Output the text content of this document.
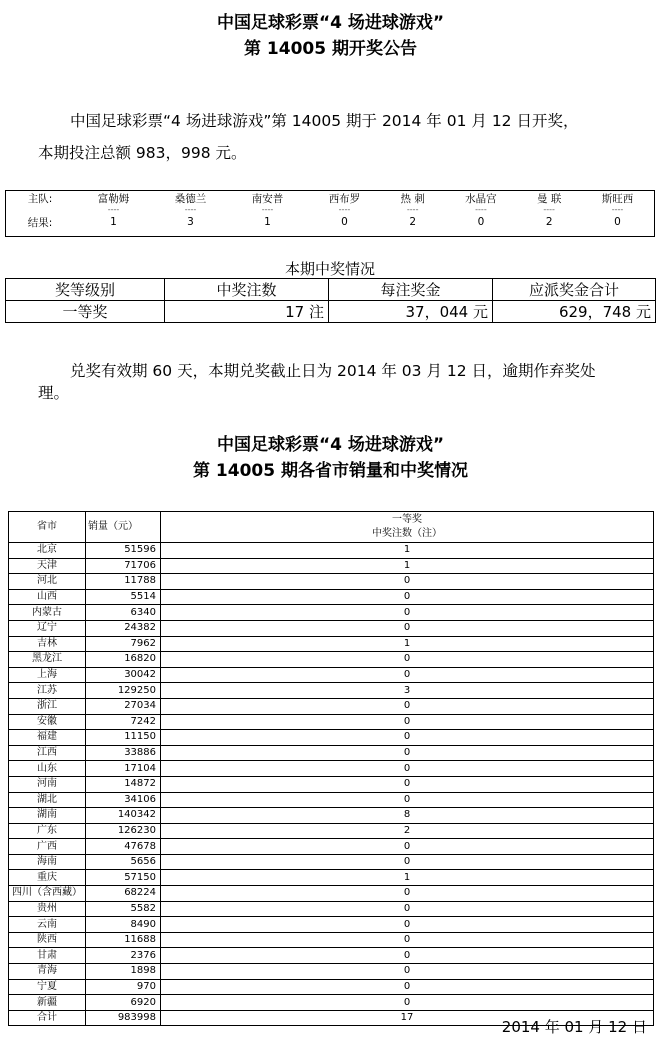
中国足球彩票“4 场进球游戏”
第 14005 期开奖公告
中国足球彩票“4 场进球游戏”第 14005 期于 2014 年 01 月 12 日开奖，
本期投注总额 983，998 元。
主队:	富勒姆	桑德兰	南安普	西布罗	热 刺	水晶宫	曼 联	斯旺西
	----	----	----	----	----	----	----	----
结果:	1	3	1	0	2	0	2	0
本期中奖情况
奖等级别	中奖注数	每注奖金	应派奖金合计
一等奖	17 注	37，044 元	629，748 元
兑奖有效期 60 天，本期兑奖截止日为 2014 年 03 月 12 日，逾期作弃奖处
理。
中国足球彩票“4 场进球游戏”
第 14005 期各省市销量和中奖情况
省市	销量（元）	一等奖
中奖注数（注）

北京	51596	1
天津	71706	1
河北	11788	0
山西	5514	0
内蒙古	6340	0
辽宁	24382	0
吉林	7962	1
黑龙江	16820	0
上海	30042	0
江苏	129250	3
浙江	27034	0
安徽	7242	0
福建	11150	0
江西	33886	0
山东	17104	0
河南	14872	0
湖北	34106	0
湖南	140342	8
广东	126230	2
广西	47678	0
海南	5656	0
重庆	57150	1
四川（含西藏）	68224	0
贵州	5582	0
云南	8490	0
陕西	11688	0
甘肃	2376	0
青海	1898	0
宁夏	970	0
新疆	6920	0
合计	983998	17
2014 年 01 月 12 日
